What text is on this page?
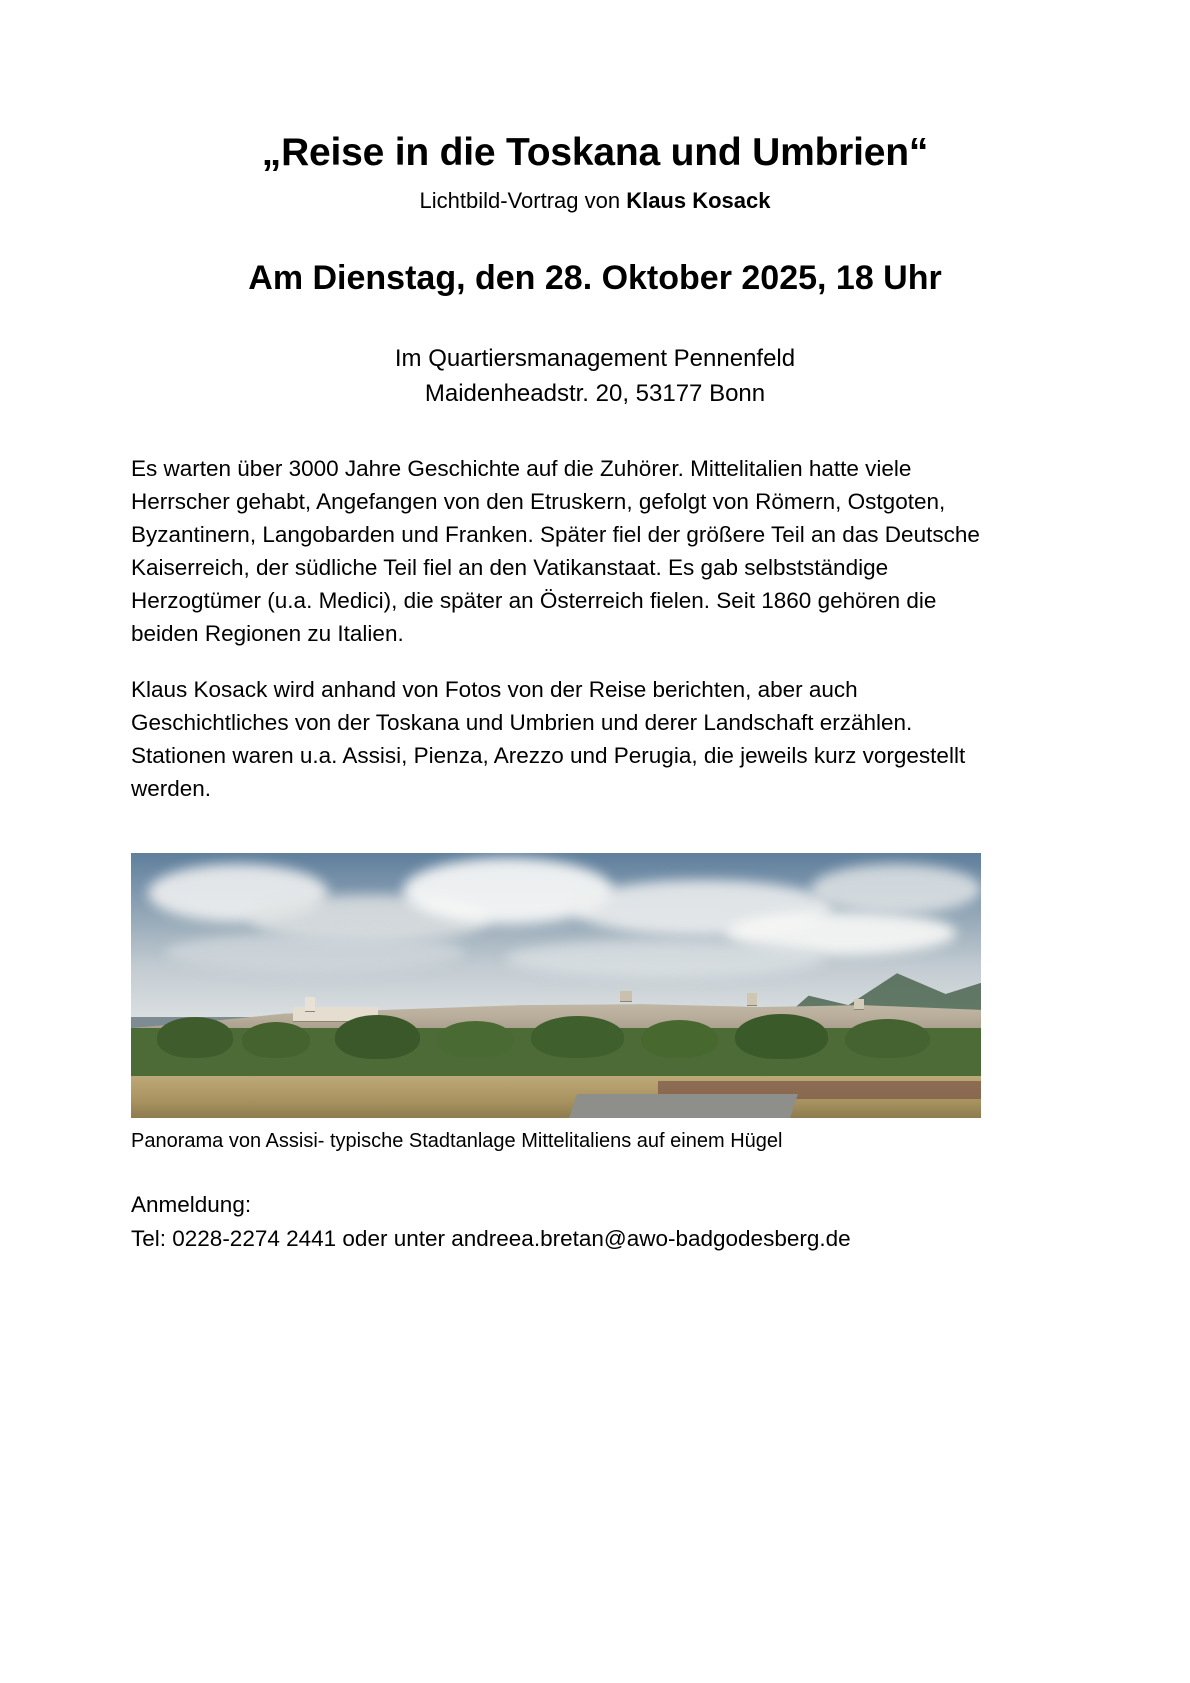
„Reise in die Toskana und Umbrien“

Lichtbild-Vortrag von Klaus Kosack

Am Dienstag, den 28. Oktober 2025, 18 Uhr

Im Quartiersmanagement Pennenfeld
Maidenheadstr. 20, 53177 Bonn

Es warten über 3000 Jahre Geschichte auf die Zuhörer. Mittelitalien hatte viele Herrscher gehabt, Angefangen von den Etruskern, gefolgt von Römern, Ostgoten, Byzantinern, Langobarden und Franken. Später fiel der größere Teil an das Deutsche Kaiserreich, der südliche Teil fiel an den Vatikanstaat. Es gab selbstständige Herzogtümer (u.a. Medici), die später an Österreich fielen. Seit 1860 gehören die beiden Regionen zu Italien.

Klaus Kosack wird anhand von Fotos von der Reise berichten, aber auch Geschichtliches von der Toskana und Umbrien und derer Landschaft erzählen. Stationen waren u.a. Assisi, Pienza, Arezzo und Perugia, die jeweils kurz vorgestellt werden.

Panorama von Assisi- typische Stadtanlage Mittelitaliens auf einem Hügel
Anmeldung:
Tel: 0228-2274 2441 oder unter andreea.bretan@awo-badgodesberg.de
